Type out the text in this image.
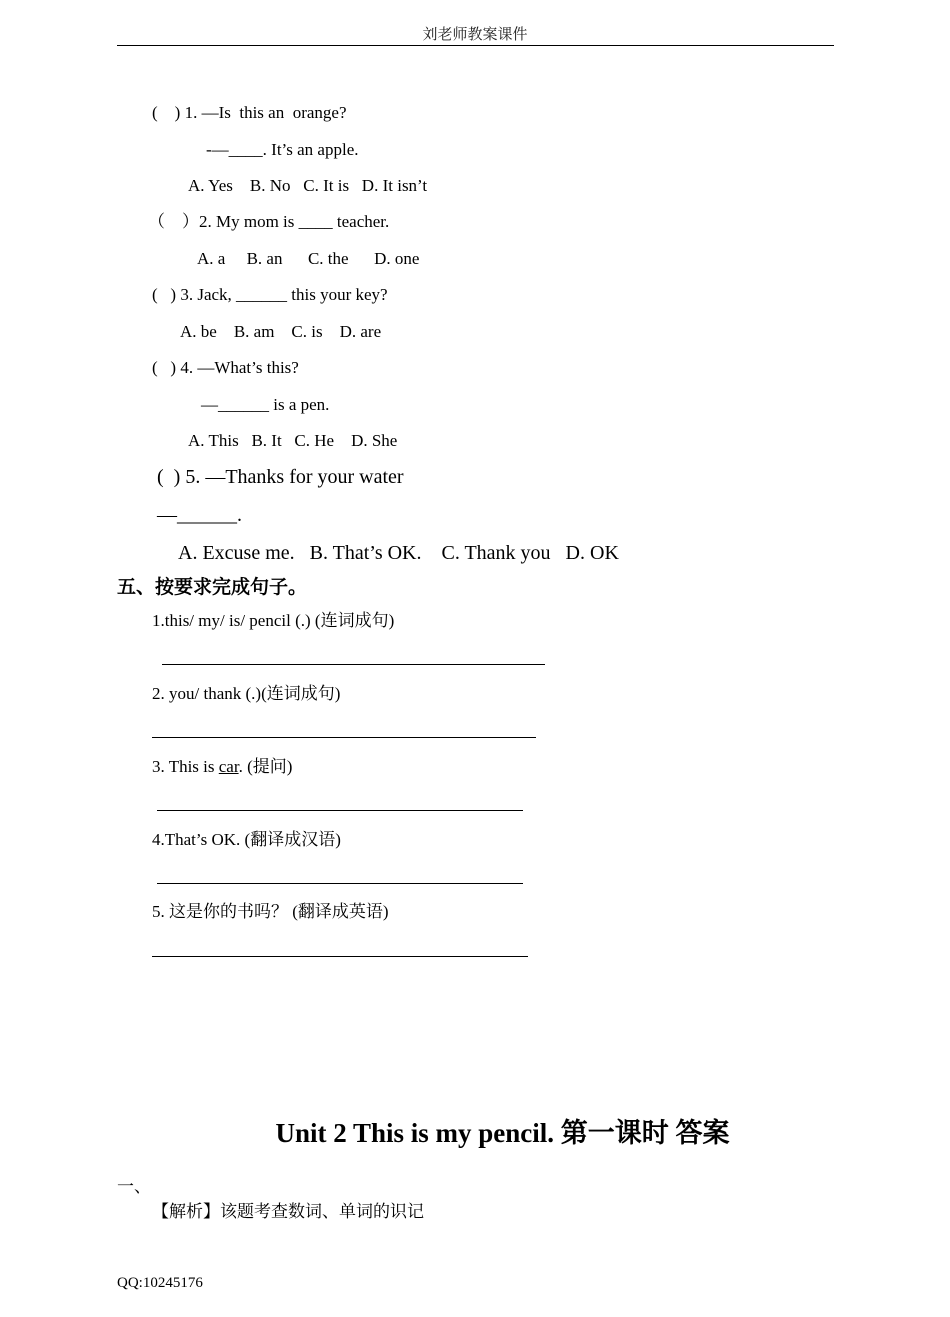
刘老师教案课件
(    ) 1. —Is  this an  orange?
-—____. It’s an apple.
A. Yes    B. No   C. It is   D. It isn’t
（    ）2. My mom is ____ teacher.
A. a     B. an      C. the      D. one
(   ) 3. Jack, ______ this your key?
A. be    B. am    C. is    D. are
(   ) 4. —What’s this?
—______ is a pen.
A. This   B. It   C. He    D. She
(  ) 5. —Thanks for your water
—______.
A. Excuse me.   B. That’s OK.    C. Thank you   D. OK
五、按要求完成句子。
1.this/ my/ is/ pencil (.) (连词成句)
2. you/ thank (.)(连词成句)
3. This is car. (提问)
4.That’s OK. (翻译成汉语)
5. 这是你的书吗？ (翻译成英语)
Unit 2 This is my pencil. 第一课时 答案
一、
【解析】该题考查数词、单词的识记
QQ:10245176
